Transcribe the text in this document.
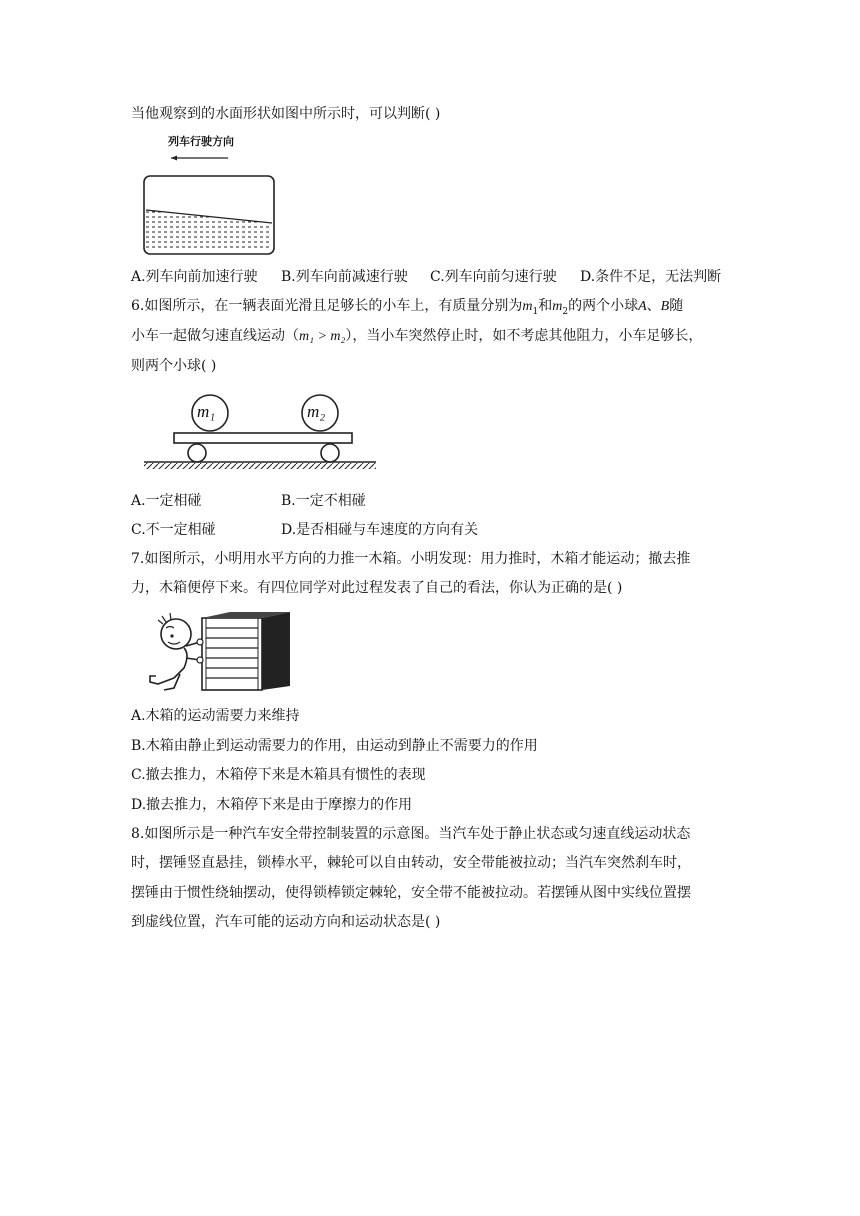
当他观察到的水面形状如图中所示时，可以判断( )
列车行驶方向
A.列车向前加速行驶 B.列车向前减速行驶 C.列车向前匀速行驶 D.条件不足，无法判断
6.如图所示，在一辆表面光滑且足够长的小车上，有质量分别为$m_1$和$m_2$的两个小球A、B随
小车一起做匀速直线运动（m₁ > m₂），当小车突然停止时，如不考虑其他阻力，小车足够长，
则两个小球( )
m₁	m₂
A.一定相碰	B.一定不相碰
C.不一定相碰	D.是否相碰与车速度的方向有关
7.如图所示，小明用水平方向的力推一木箱。小明发现：用力推时，木箱才能运动；撤去推
力，木箱便停下来。有四位同学对此过程发表了自己的看法，你认为正确的是( )
A.木箱的运动需要力来维持
B.木箱由静止到运动需要力的作用，由运动到静止不需要力的作用
C.撤去推力，木箱停下来是木箱具有惯性的表现
D.撤去推力，木箱停下来是由于摩擦力的作用
8.如图所示是一种汽车安全带控制装置的示意图。当汽车处于静止状态或匀速直线运动状态
时，摆锤竖直悬挂，锁棒水平，棘轮可以自由转动，安全带能被拉动；当汽车突然刹车时，
摆锤由于惯性绕轴摆动，使得锁棒锁定棘轮，安全带不能被拉动。若摆锤从图中实线位置摆
到虚线位置，汽车可能的运动方向和运动状态是( )
